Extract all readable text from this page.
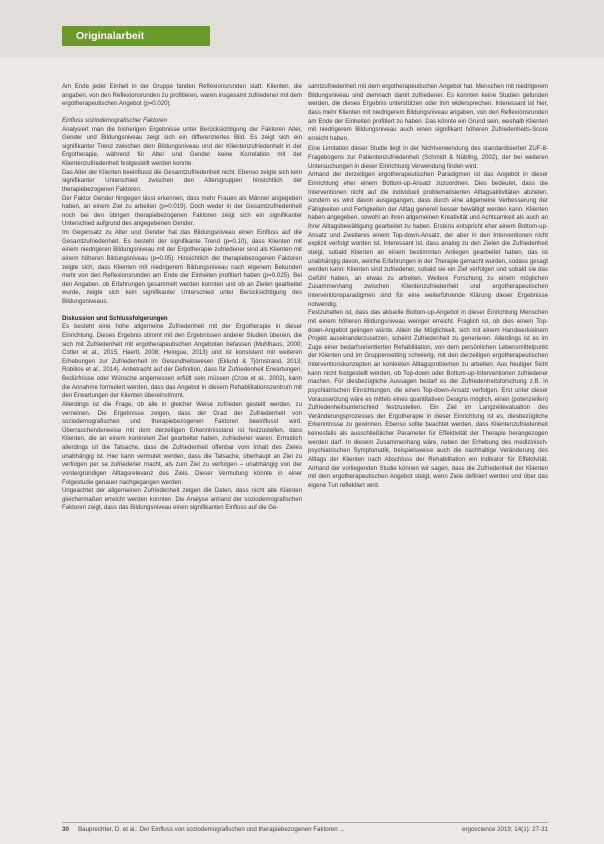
Originalarbeit

Am Ende jeder Einheit in der Gruppe fanden Reflexionsrunden statt. Klienten, die angaben, von den Reflexionsrunden zu profitieren, waren insgesamt zufriedener mit dem ergotherapeutischen Angebot (p=0.020).

Einfluss soziodemografischer Faktoren

Analysiert man die bisherigen Ergebnisse unter Berücksichtigung der Faktoren Alter, Gender und Bildungsniveau zeigt sich ein differenziertes Bild. Es zeigt sich ein signifikanter Trend zwischen dem Bildungsniveau und der Klientenzufriedenheit in der Ergotherapie, während für Alter und Gender keine Korrelation mit der Klientenzufriedenheit festgestellt werden konnte.

Das Alter der Klienten beeinflusst die Gesamtzufriedenheit nicht. Ebenso zeigte sich kein signifikanter Unterschied zwischen den Altersgruppen hinsichtlich der therapiebezogenen Faktoren.

Der Faktor Gender hingegen lässt erkennen, dass mehr Frauen als Männer angegeben haben, an einem Ziel zu arbeiten (p=0.019). Doch weder in der Gesamtzufriedenheit noch bei den übrigen therapiebezogenen Faktoren zeigt sich ein signifikanter Unterschied aufgrund des angegebenen Gender.

Im Gegensatz zu Alter und Gender hat das Bildungsniveau einen Einfluss auf die Gesamtzufriedenheit. Es besteht der signifikante Trend (p=0.10), dass Klienten mit einem niedrigeren Bildungsniveau mit der Ergotherapie zufriedener sind als Klienten mit einem höheren Bildungsniveau (p=0.05). Hinsichtlich der therapiebezogenen Faktoren zeigte sich, dass Klienten mit niedrigerem Bildungsniveau nach eigenem Bekunden mehr von den Reflexionsrunden am Ende der Einheiten profitiert haben (p=0.025). Bei den Angaben, ob Erfahrungen gesammelt werden konnten und ob an Zielen gearbeitet wurde, zeigte sich kein signifikanter Unterschied unter Berücksichtigung des Bildungsniveaus.

Diskussion und Schlussfolgerungen

Es besteht eine hohe allgemeine Zufriedenheit mit der Ergotherapie in dieser Einrichtung. Dieses Ergebnis stimmt mit den Ergebnissen anderer Studien überein, die sich mit Zufriedenheit mit ergotherapeutischen Angeboten befassen (Muhlhaus, 2000; Cotter et al., 2015; Haertl, 2008; Helogue, 2013) und ist konsistent mit weiteren Erhebungen zur Zufriedenheit im Gesundheitswesen (Eklund & Tjörnstrand, 2013; Robillos et al., 2014). Anbetracht auf der Definition, dass für Zufriedenheit Erwartungen, Bedürfnisse oder Wünsche angemessen erfüllt sein müssen (Crow et al., 2002), kann die Annahme formuliert werden, dass das Angebot in diesem Rehabilitationszentrum mit den Erwartungen der Klienten übereinstimmt.

Allerdings ist die Frage, ob alle in gleicher Weise zufrieden gestellt werden, zu verneinen. Die Ergebnisse zeigen, dass der Grad der Zufriedenheit von soziodemografischen und therapiebezogenen Faktoren beeinflusst wird. Überraschenderweise mit dem derzeitigen Erkenntnisstand ist festzustellen, dass Klienten, die an einem konkreten Ziel gearbeitet haben, zufriedener waren. Ermutlich allerdings ist die Tatsache, dass die Zufriedenheit offenbar vom Inhalt des Zieles unabhängig ist. Hier kann vermutet werden, dass die Tatsache, überhaupt an Ziel zu verfolgen per se zufriedener macht, als zum Ziel zu verfolgen – unabhängig von der vordergründigen Alltagsrelevanz des Ziels. Dieser Vermutung könnte in einer Folgestudie genauer nachgegangen werden.

Ungeachtet der allgemeinen Zufriedenheit zeigen die Daten, dass nicht alle Klienten gleichermaßen erreicht werden konnten. Die Analyse anhand der soziodemografischen Faktoren zeigt, dass das Bildungsniveau einen signifikanten Einfluss auf die Ge-

samtzufriedenheit mit dem ergotherapeutischen Angebot hat. Menschen mit niedrigerem Bildungsniveau sind demnach damit zufriedener. Es konnten keine Studien gefunden werden, die dieses Ergebnis unterstützen oder ihm widersprechen. Interessant ist hier, dass mehr Klienten mit niedrigerem Bildungsniveau angaben, von den Reflexionsrunden am Ende der Einheiten profitiert zu haben. Das könnte ein Grund sein, weshalb Klienten mit niedrigerem Bildungsniveau auch einen signifikant höheren Zufriedenheits-Score erreicht haben.

Eine Limitation dieser Studie liegt in der Nichtverwendung des standardisierten ZUF-8-Fragebogens zur Patientenzufriedenheit (Schmidt & Nübling, 2002), der bei weiteren Untersuchungen in dieser Einrichtung Verwendung finden wird.

Anhand der derzeitigen ergotherapeutischen Paradigmen ist das Angebot in dieser Einrichtung eher einem Bottom-up-Ansatz zuzuordnen. Dies bedeutet, dass die Interventionen nicht auf die individuell problematisierten Alltagsaktivitäten abzielen, sondern es wird davon ausgegangen, dass durch eine allgemeine Verbesserung der Fähigkeiten und Fertigkeiten der Alltag generell besser bewältigt werden kann. Klienten haben angegeben, sowohl an ihren allgemeinen Kreativität und Achtsamkeit als auch an ihrer Alltagsbewältigung gearbeitet zu haben. Erstens entspricht eher einem Bottom-up-Ansatz und Zweiteres einem Top-down-Ansatz, der aber in den Interventionen nicht explizit verfolgt worden ist. Interessant ist, dass analog zu den Zielen die Zufriedenheit steigt, sobald Klienten an einem bestimmten Anliegen gearbeitet haben, das ist unabhängig davon, welche Erfahrungen in der Therapie gemacht wurden, sodass gesagt werden kann: Klienten sind zufriedener, sobald sie ein Ziel verfolgen und sobald sie das Gefühl haben, an etwas zu arbeiten. Weitere Forschung zu einem möglichen Zusammenhang zwischen Klientenzufriedenheit und ergotherapeutischen Interventionsparadigmen sind für eine weiterführende Klärung dieser Ergebnisse notwendig.

Festzuhalten ist, dass das aktuelle Bottom-up-Angebot in dieser Einrichtung Menschen mit einem höheren Bildungsniveau weniger erreicht. Fraglich ist, ob dies einem Top-down-Angebot gelingen würde. Allein die Möglichkeit, sich mit einem Handwerk/einem Projekt auseinanderzusetzen, scheint Zufriedenheit zu generieren. Allerdings ist es im Zuge einer bedarfsorientierten Rehabilitation, von dem persönlichen Lebensmittelpunkt der Klienten und im Gruppensetting schwierig, mit den derzeitigen ergotherapeutischen Interventionskonzepten an konkreten Alltagsproblemen zu arbeiten. Aus heutiger Sicht kann nicht festgestellt werden, ob Top-down oder Bottom-up-Interventionen zufriedener machen. Für diesbezügliche Aussagen bedarf es der Zufriedenheitsforschung z.B. in psychiatrischen Einrichtungen, die einen Top-down-Ansatz verfolgen. Erst unter dieser Voraussetzung wäre es mittels eines quantitativen Designs möglich, einen (potenziellen) Zufriedenheitsunterschied festzustellen. Ein Ziel im Langzeitevaluation des Veränderungsprozesses der Ergotherapie in dieser Einrichtung ist es, diesbezügliche Erkenntnisse zu gewinnen. Ebenso sollte beachtet werden, dass Klientenzufriedenheit keinesfalls als ausschließlicher Parameter für Effektivität der Therapie herangezogen werden darf. In diesem Zusammenhang wäre, neben der Erhebung des medizinisch-psychiatrischen Symptomatik, beispielsweise auch die nachhaltige Veränderung des Alltags der Klienten nach Abschluss der Rehabilitation ein Indikator für Effektivität. Anhand der vorliegenden Studie können wir sagen, dass die Zufriedenheit der Klienten mit dem ergotherapeutischen Angebot steigt, wenn Ziele definiert werden und über das eigene Tun reflektiert wird.

30 Bauprechter, D. et al.: Der Einfluss von soziodemografischen und therapiebezogenen Faktoren ...	ergoscience 2019; 14(1): 27-31
